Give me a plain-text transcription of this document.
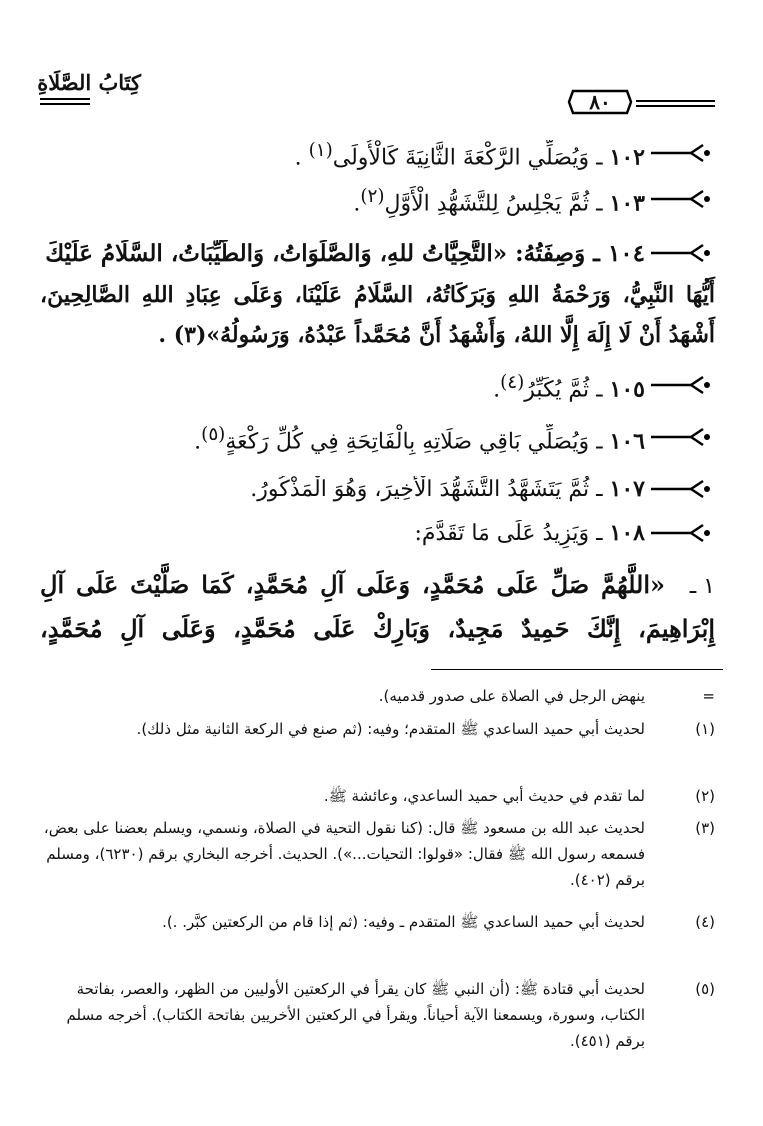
كِتَابُ الصَّلَاةِ
٨٠
١٠٢ ـ وَيُصَلِّي الرَّكْعَةَ الثَّانِيَةَ كَالْأُولَى$^{(١)}$ .
١٠٣ ـ ثُمَّ يَجْلِسُ لِلتَّشَهُّدِ الْأَوَّلِ$^{(٢)}$.
١٠٤ ـ وَصِفَتُهُ: «التَّحِيَّاتُ للهِ، وَالصَّلَوَاتُ، وَالطَّيِّبَاتُ، السَّلَامُ عَلَيْكَ
أَيُّهَا النَّبِيُّ، وَرَحْمَةُ اللهِ وَبَرَكَاتُهُ، السَّلَامُ عَلَيْنَا، وَعَلَى عِبَادِ اللهِ الصَّالِحِينَ،
أَشْهَدُ أَنْ لَا إِلَهَ إِلَّا اللهُ، وَأَشْهَدُ أَنَّ مُحَمَّداً عَبْدُهُ، وَرَسُولُهُ»(٣) .
١٠٥ ـ ثُمَّ يُكَبِّرُ$^{(٤)}$.
١٠٦ ـ وَيُصَلِّي بَاقِي صَلَاتِهِ بِالْفَاتِحَةِ فِي كُلِّ رَكْعَةٍ$^{(٥)}$.
١٠٧ ـ ثُمَّ يَتَشَهَّدُ التَّشَهُّدَ الْأَخِيرَ، وَهُوَ الْمَذْكُورُ.
١٠٨ ـ وَيَزِيدُ عَلَى مَا تَقَدَّمَ:
١ ـ
«اللَّهُمَّ صَلِّ عَلَى مُحَمَّدٍ، وَعَلَى آلِ مُحَمَّدٍ، كَمَا صَلَّيْتَ عَلَى آلِ
إِبْرَاهِيمَ، إِنَّكَ حَمِيدٌ مَجِيدٌ، وَبَارِكْ عَلَى مُحَمَّدٍ، وَعَلَى آلِ مُحَمَّدٍ،
=
ينهض الرجل في الصلاة على صدور قدميه).
(١)
لحديث أبي حميد الساعدي ﷺ المتقدم؛ وفيه: (ثم صنع في الركعة الثانية مثل ذلك).
(٢)
لما تقدم في حديث أبي حميد الساعدي، وعائشة ﷺ.
(٣)
لحديث عبد الله بن مسعود ﷺ قال: (كنا نقول التحية في الصلاة، ونسمي، ويسلم بعضنا على بعض، فسمعه رسول الله ﷺ فقال: «قولوا: التحيات...»). الحديث. أخرجه البخاري برقم (٦٢٣٠)، ومسلم برقم (٤٠٢).
(٤)
لحديث أبي حميد الساعدي ﷺ المتقدم ـ وفيه: (ثم إذا قام من الركعتين كبَّر. .).
(٥)
لحديث أبي قتادة ﷺ: (أن النبي ﷺ كان يقرأ في الركعتين الأوليين من الظهر، والعصر، بفاتحة الكتاب، وسورة، ويسمعنا الآية أحياناً. ويقرأ في الركعتين الأخريين بفاتحة الكتاب). أخرجه مسلم برقم (٤٥١).
